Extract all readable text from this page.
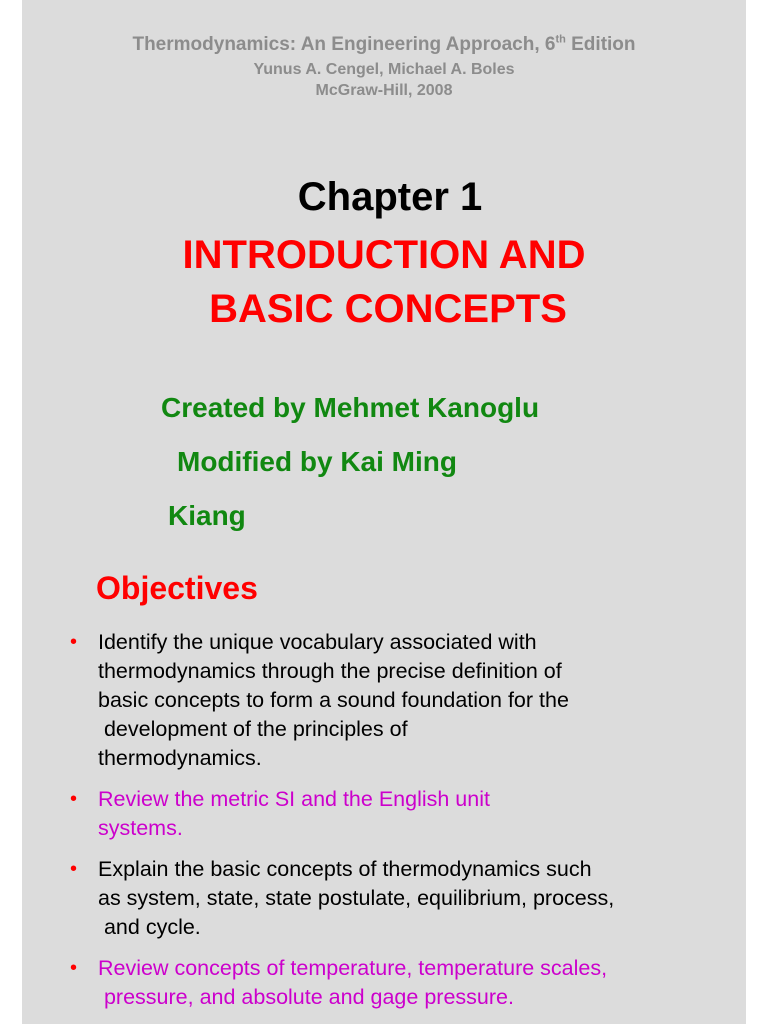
Thermodynamics: An Engineering Approach, 6th Edition
Yunus A. Cengel, Michael A. Boles
McGraw-Hill, 2008
Chapter 1
INTRODUCTION AND
BASIC CONCEPTS
Created by Mehmet Kanoglu
Modified by Kai Ming
Kiang
Objectives
• Identify the unique vocabulary associated with
thermodynamics through the precise definition of
basic concepts to form a sound foundation for the
development of the principles of
thermodynamics.
• Review the metric SI and the English unit
systems.
• Explain the basic concepts of thermodynamics such
as system, state, state postulate, equilibrium, process,
and cycle.
• Review concepts of temperature, temperature scales,
pressure, and absolute and gage pressure.
